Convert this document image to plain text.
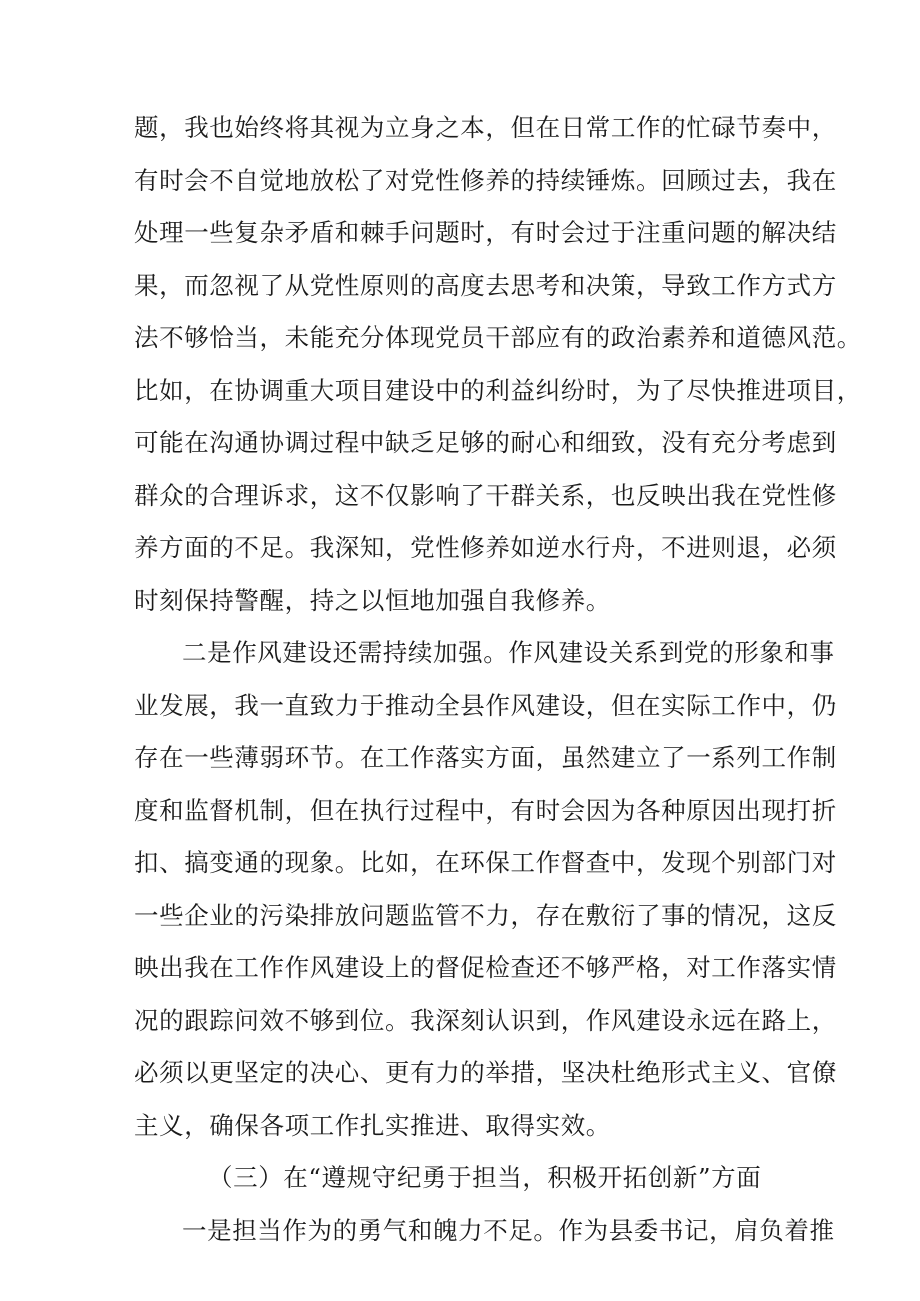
题，我也始终将其视为立身之本，但在日常工作的忙碌节奏中，
有时会不自觉地放松了对党性修养的持续锤炼。回顾过去，我在
处理一些复杂矛盾和棘手问题时，有时会过于注重问题的解决结
果，而忽视了从党性原则的高度去思考和决策，导致工作方式方
法不够恰当，未能充分体现党员干部应有的政治素养和道德风范。
比如，在协调重大项目建设中的利益纠纷时，为了尽快推进项目，
可能在沟通协调过程中缺乏足够的耐心和细致，没有充分考虑到
群众的合理诉求，这不仅影响了干群关系，也反映出我在党性修
养方面的不足。我深知，党性修养如逆水行舟，不进则退，必须
时刻保持警醒，持之以恒地加强自我修养。
二是作风建设还需持续加强。作风建设关系到党的形象和事
业发展，我一直致力于推动全县作风建设，但在实际工作中，仍
存在一些薄弱环节。在工作落实方面，虽然建立了一系列工作制
度和监督机制，但在执行过程中，有时会因为各种原因出现打折
扣、搞变通的现象。比如，在环保工作督查中，发现个别部门对
一些企业的污染排放问题监管不力，存在敷衍了事的情况，这反
映出我在工作作风建设上的督促检查还不够严格，对工作落实情
况的跟踪问效不够到位。我深刻认识到，作风建设永远在路上，
必须以更坚定的决心、更有力的举措，坚决杜绝形式主义、官僚
主义，确保各项工作扎实推进、取得实效。
（三）在“遵规守纪勇于担当，积极开拓创新”方面
一是担当作为的勇气和魄力不足。作为县委书记，肩负着推
